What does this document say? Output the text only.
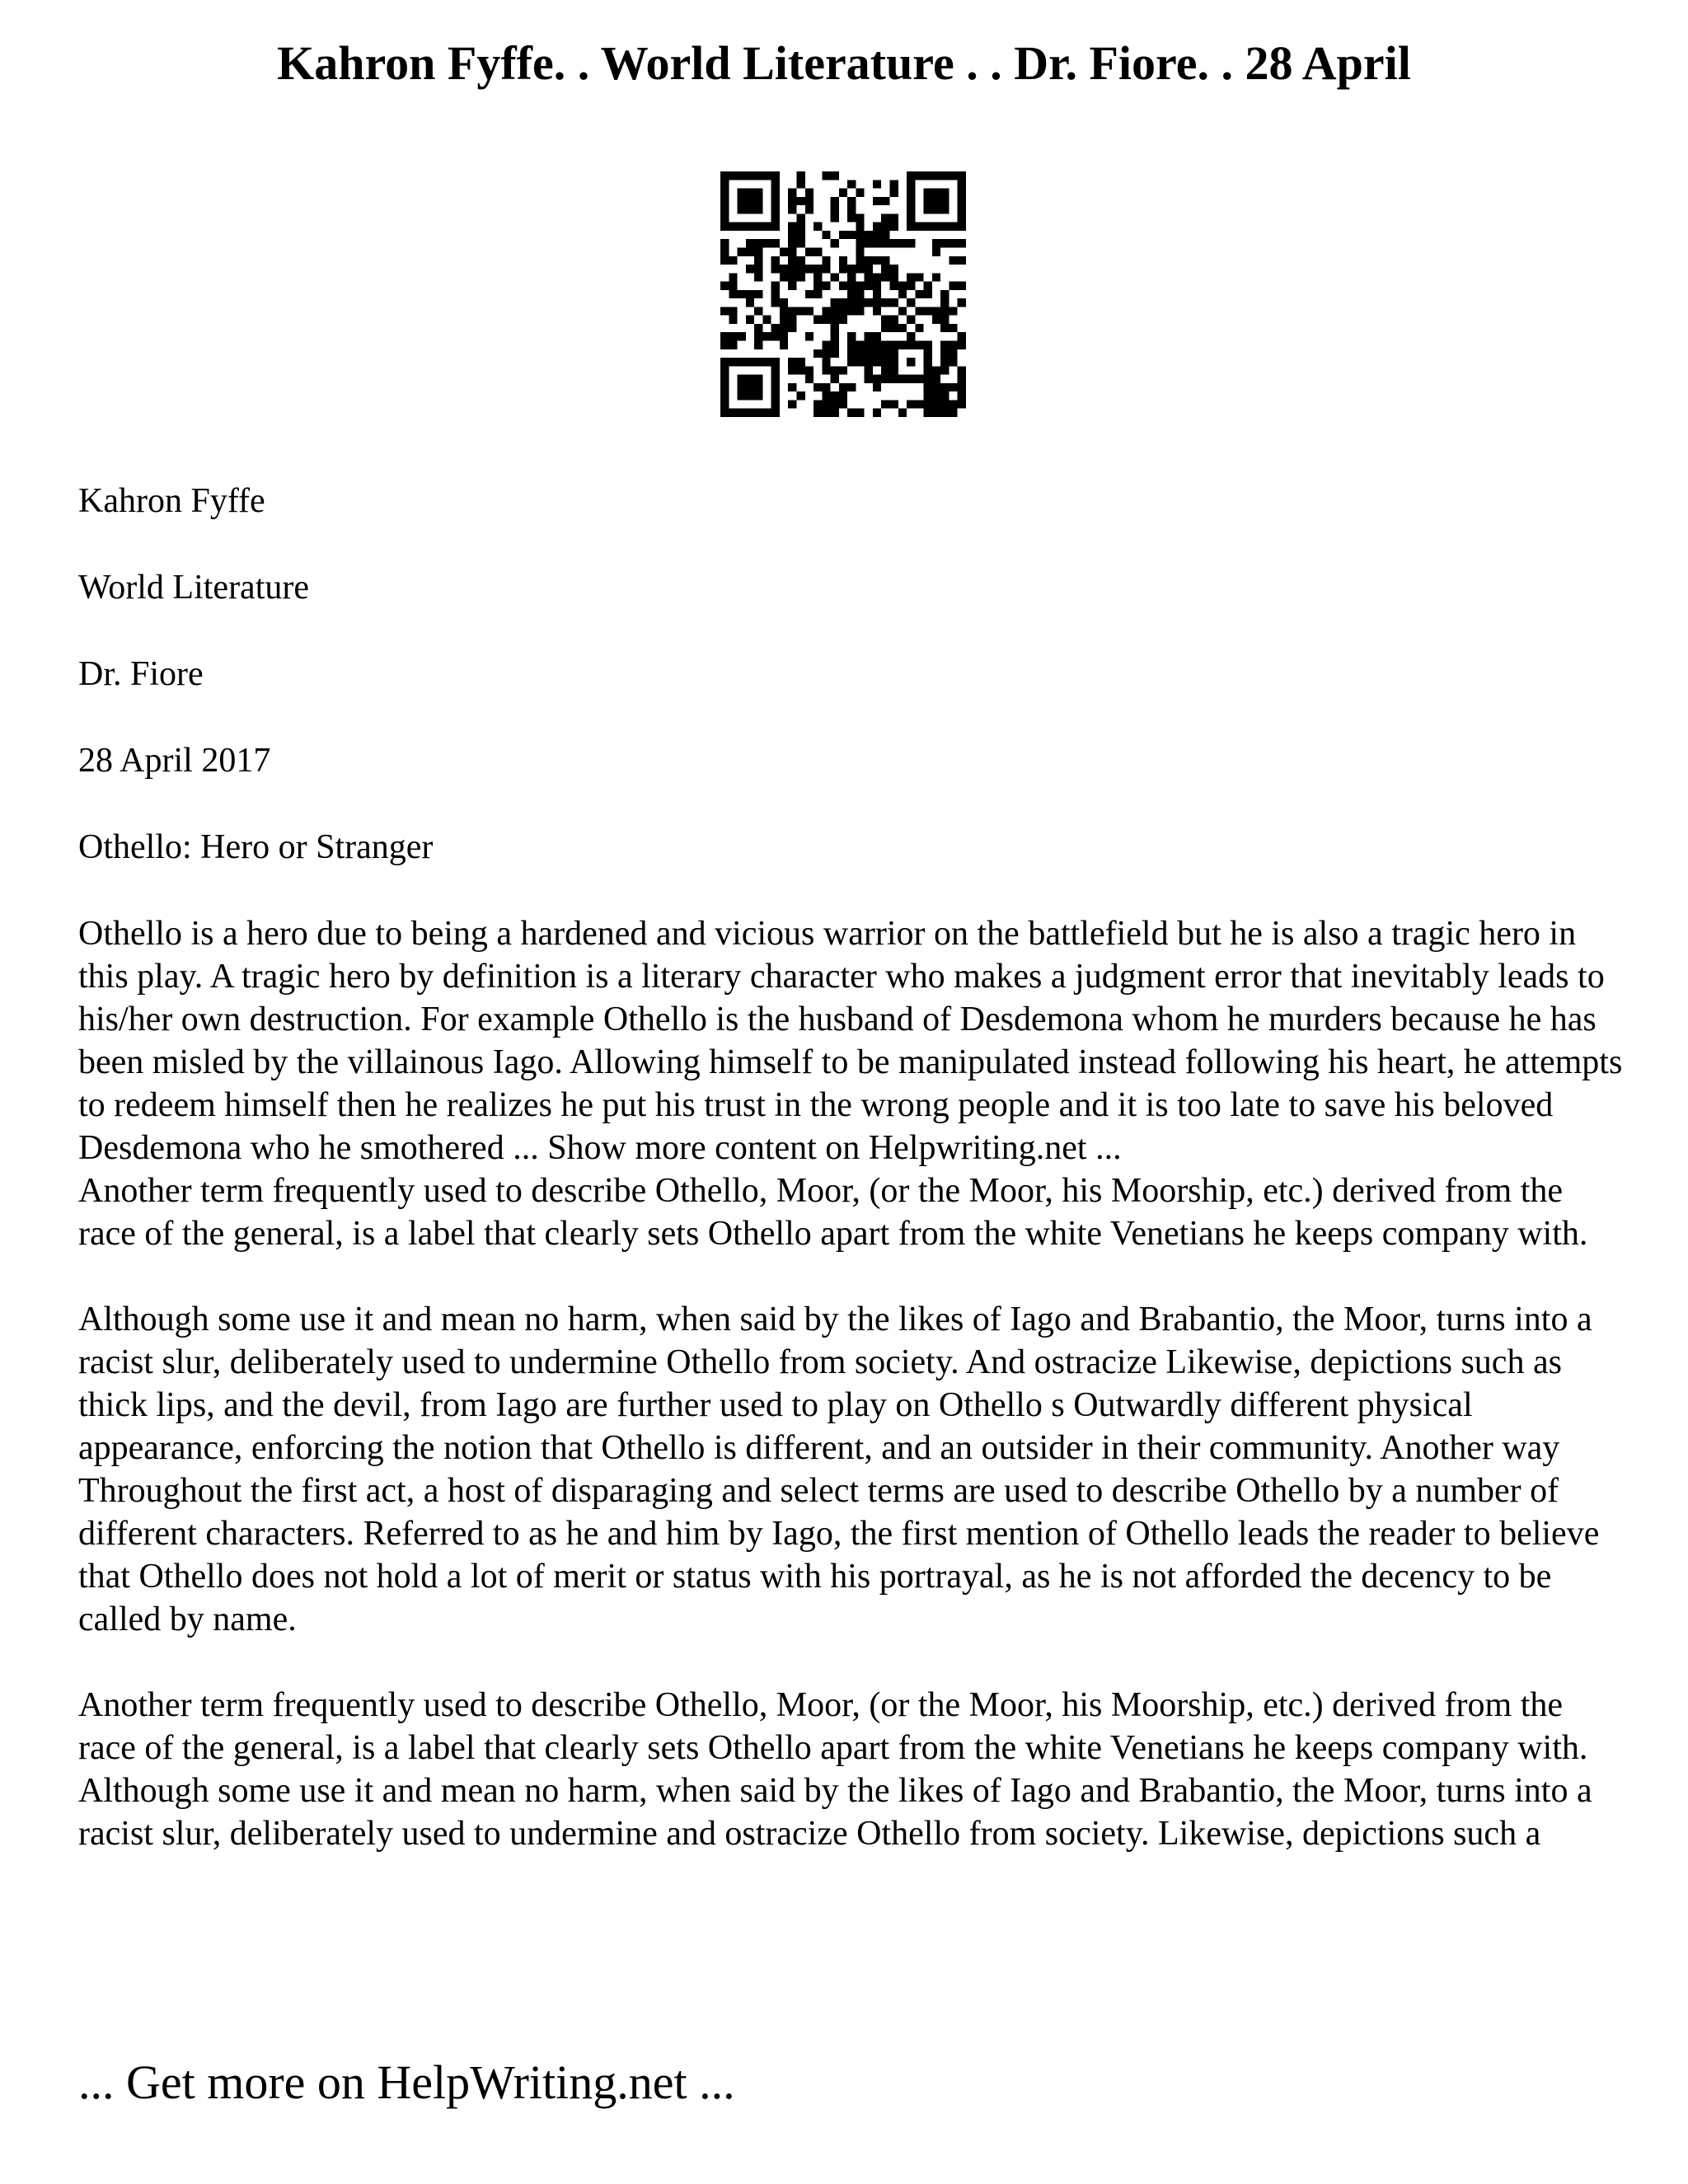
Kahron Fyffe. . World Literature . . Dr. Fiore. . 28 April

Kahron Fyffe

World Literature

Dr. Fiore

28 April 2017

Othello: Hero or Stranger

Othello is a hero due to being a hardened and vicious warrior on the battlefield but he is also a tragic hero in this play. A tragic hero by definition is a literary character who makes a judgment error that inevitably leads to his/her own destruction. For example Othello is the husband of Desdemona whom he murders because he has been misled by the villainous Iago. Allowing himself to be manipulated instead following his heart, he attempts to redeem himself then he realizes he put his trust in the wrong people and it is too late to save his beloved Desdemona who he smothered ... Show more content on Helpwriting.net ...

Another term frequently used to describe Othello, Moor, (or the Moor, his Moorship, etc.) derived from the race of the general, is a label that clearly sets Othello apart from the white Venetians he keeps company with.

Although some use it and mean no harm, when said by the likes of Iago and Brabantio, the Moor, turns into a racist slur, deliberately used to undermine Othello from society. And ostracize Likewise, depictions such as thick lips, and the devil, from Iago are further used to play on Othello s Outwardly different physical appearance, enforcing the notion that Othello is different, and an outsider in their community. Another way Throughout the first act, a host of disparaging and select terms are used to describe Othello by a number of different characters. Referred to as he and him by Iago, the first mention of Othello leads the reader to believe that Othello does not hold a lot of merit or status with his portrayal, as he is not afforded the decency to be called by name.

Another term frequently used to describe Othello, Moor, (or the Moor, his Moorship, etc.) derived from the race of the general, is a label that clearly sets Othello apart from the white Venetians he keeps company with. Although some use it and mean no harm, when said by the likes of Iago and Brabantio, the Moor, turns into a racist slur, deliberately used to undermine and ostracize Othello from society. Likewise, depictions such a

... Get more on HelpWriting.net ...
